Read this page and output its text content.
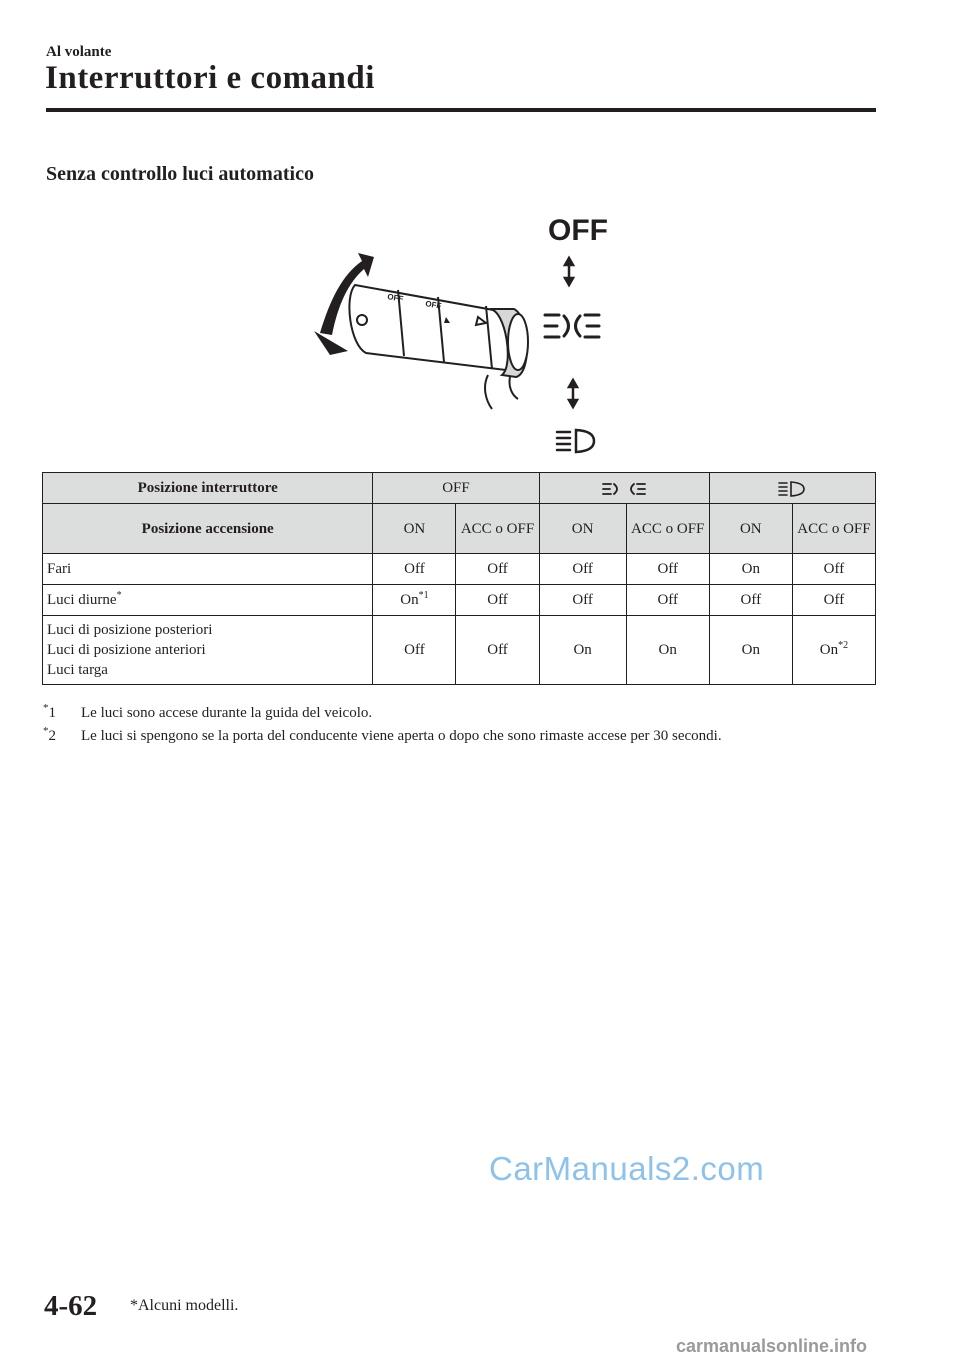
Al volante
Interruttori e comandi
Senza controllo luci automatico
OFF
OFF
OFF
Posizione interruttore	OFF		
Posizione accensione	ON	ACC o OFF	ON	ACC o OFF	ON	ACC o OFF
Fari	Off	Off	Off	Off	On	Off
Luci diurne*	On$^{*1}$	Off	Off	Off	Off	Off

Luci di posizione posteriori
Luci di posizione anteriori
Luci targa	Off	Off	On	On	On	On$^{*2}$
*1	Le luci sono accese durante la guida del veicolo.
*2	Le luci si spengono se la porta del conducente viene aperta o dopo che sono rimaste accese per 30 secondi.
CarManuals2.com
4-62 *Alcuni modelli.
carmanualsonline.info
